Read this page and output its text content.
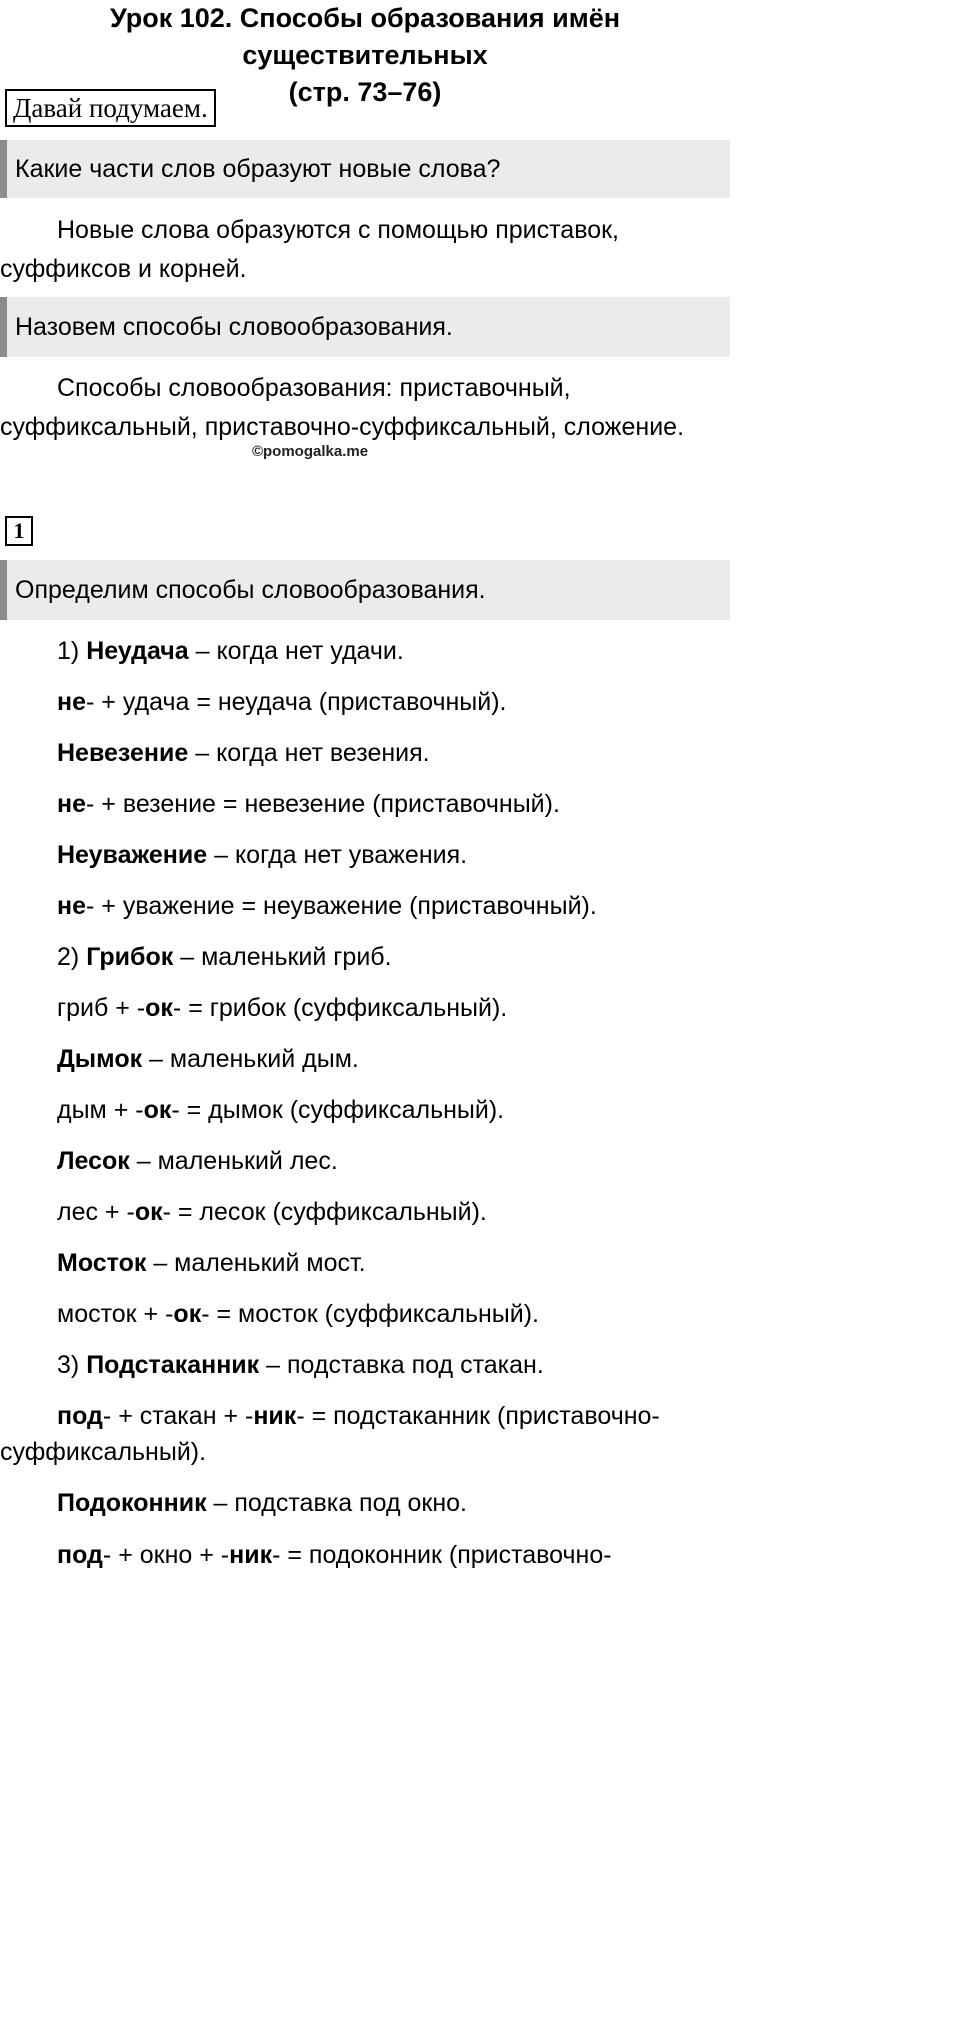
Урок 102. Способы образования имён существительных
(стр. 73–76)
Давай подумаем.
Какие части слов образуют новые слова?

Новые слова образуются с помощью приставок, суффиксов и корней.

Назовем способы словообразования.

Способы словообразования: приставочный, суффиксальный, приставочно-суффиксальный, сложение.

©pomogalka.me
1
Определим способы словообразования.
1) Неудача – когда нет удачи.
не- + удача = неудача (приставочный).
Невезение – когда нет везения.
не- + везение = невезение (приставочный).
Неуважение – когда нет уважения.
не- + уважение = неуважение (приставочный).
2) Грибок – маленький гриб.
гриб + -ок- = грибок (суффиксальный).
Дымок – маленький дым.
дым + -ок- = дымок (суффиксальный).
Лесок – маленький лес.
лес + -ок- = лесок (суффиксальный).
Мосток – маленький мост.
мосток + -ок- = мосток (суффиксальный).
3) Подстаканник – подставка под стакан.

под- + стакан + -ник- = подстаканник (приставочно-суффиксальный).

Подоконник – подставка под окно.
под- + окно + -ник- = подоконник (приставочно-
